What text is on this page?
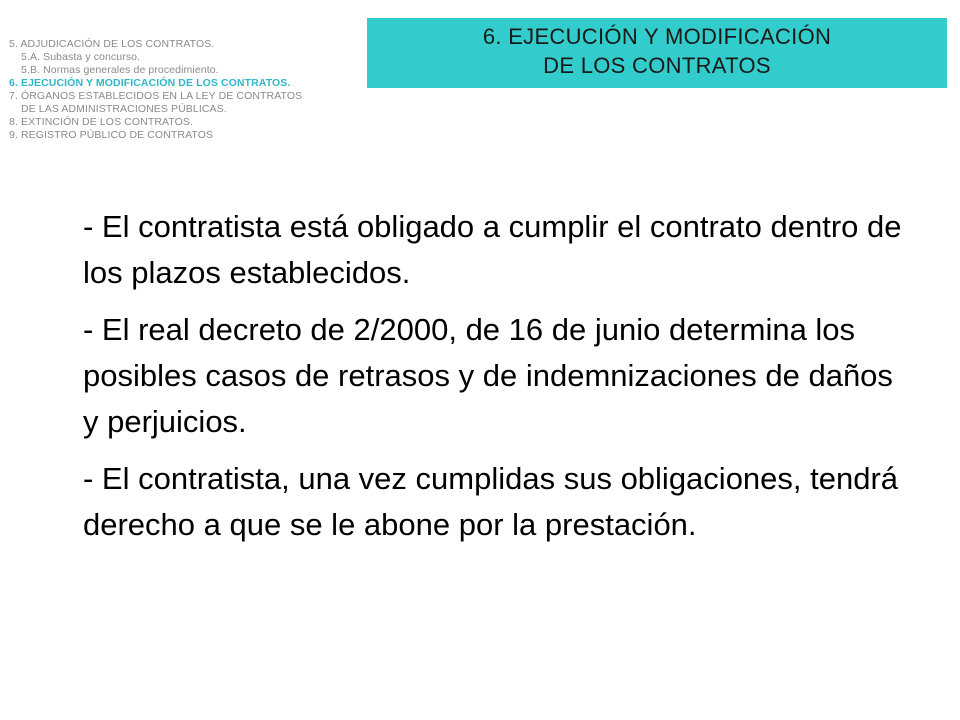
5. ADJUDICACIÓN DE LOS CONTRATOS.
5.A. Subasta y concurso.
5.B. Normas generales de procedimiento.
6. EJECUCIÓN Y MODIFICACIÓN DE LOS CONTRATOS.
7. ÓRGANOS ESTABLECIDOS EN LA LEY DE CONTRATOS
DE LAS ADMINISTRACIONES PÚBLICAS.
8. EXTINCIÓN DE LOS CONTRATOS.
9. REGISTRO PÚBLICO DE CONTRATOS
6. EJECUCIÓN Y MODIFICACIÓN
DE LOS CONTRATOS

- El contratista está obligado a cumplir el contrato dentro de los plazos establecidos.

- El real decreto de 2/2000, de 16 de junio determina los posibles casos de retrasos y de indemnizaciones de daños y perjuicios.

- El contratista, una vez cumplidas sus obligaciones, tendrá derecho a que se le abone por la prestación.
